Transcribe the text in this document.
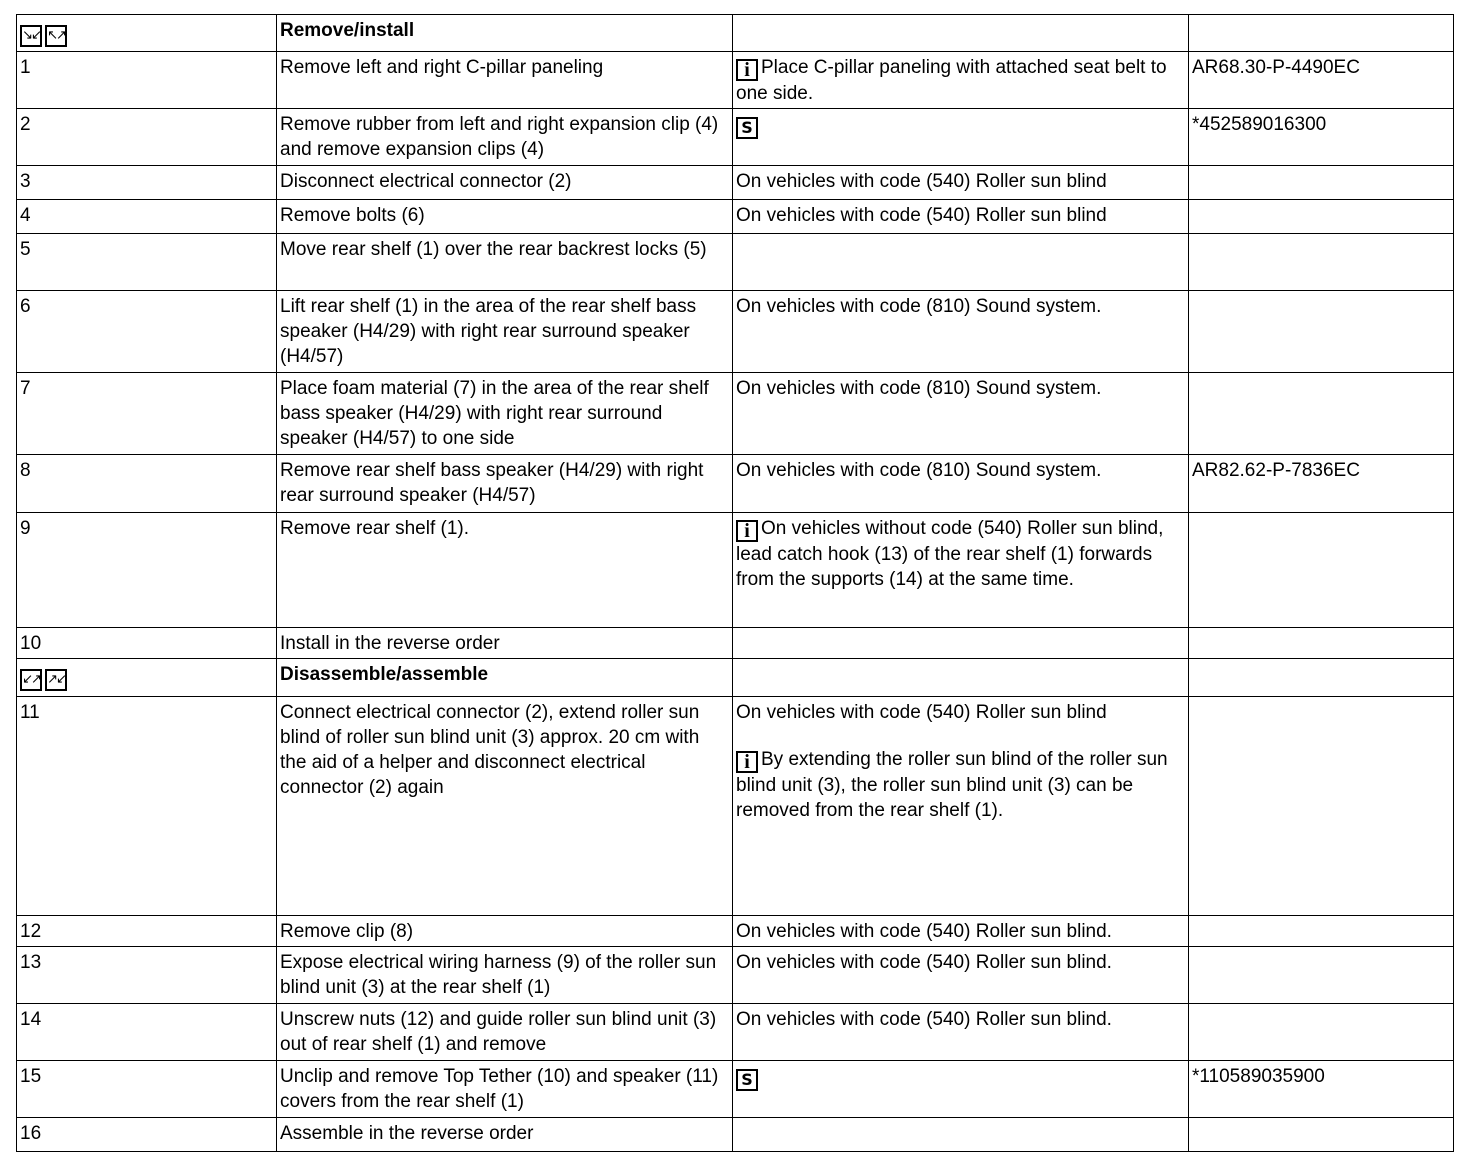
↘↙ ↖↗	Remove/install		
1	Remove left and right C-pillar paneling	i Place C-pillar paneling with attached seat belt to one side.	AR68.30-P-4490EC
2	Remove rubber from left and right expansion clip (4) and remove expansion clips (4)	S	*452589016300
3	Disconnect electrical connector (2)	On vehicles with code (540) Roller sun blind	

4	Remove bolts (6)	On vehicles with code (540) Roller sun blind	

5	Move rear shelf (1) over the rear backrest locks (5)		
6	Lift rear shelf (1) in the area of the rear shelf bass speaker (H4/29) with right rear surround speaker (H4/57)	On vehicles with code (810) Sound system.	

7	Place foam material (7) in the area of the rear shelf bass speaker (H4/29) with right rear surround speaker (H4/57) to one side	On vehicles with code (810) Sound system.	

8	Remove rear shelf bass speaker (H4/29) with right rear surround speaker (H4/57)	On vehicles with code (810) Sound system.	AR82.62-P-7836EC
9	Remove rear shelf (1).	i On vehicles without code (540) Roller sun blind, lead catch hook (13) of the rear shelf (1) forwards from the supports (14) at the same time.	

10	Install in the reverse order		
↙↗ ↗↙	Disassemble/assemble		
11	Connect electrical connector (2), extend roller sun blind of roller sun blind unit (3) approx. 20 cm with the aid of a helper and disconnect electrical connector (2) again	On vehicles with code (540) Roller sun blind
i By extending the roller sun blind of the roller sun blind unit (3), the roller sun blind unit (3) can be removed from the rear shelf (1).	

12	Remove clip (8)	On vehicles with code (540) Roller sun blind.	

13	Expose electrical wiring harness (9) of the roller sun blind unit (3) at the rear shelf (1)	On vehicles with code (540) Roller sun blind.	

14	Unscrew nuts (12) and guide roller sun blind unit (3) out of rear shelf (1) and remove	On vehicles with code (540) Roller sun blind.	

15	Unclip and remove Top Tether (10) and speaker (11) covers from the rear shelf (1)	S	*110589035900
16	Assemble in the reverse order		
